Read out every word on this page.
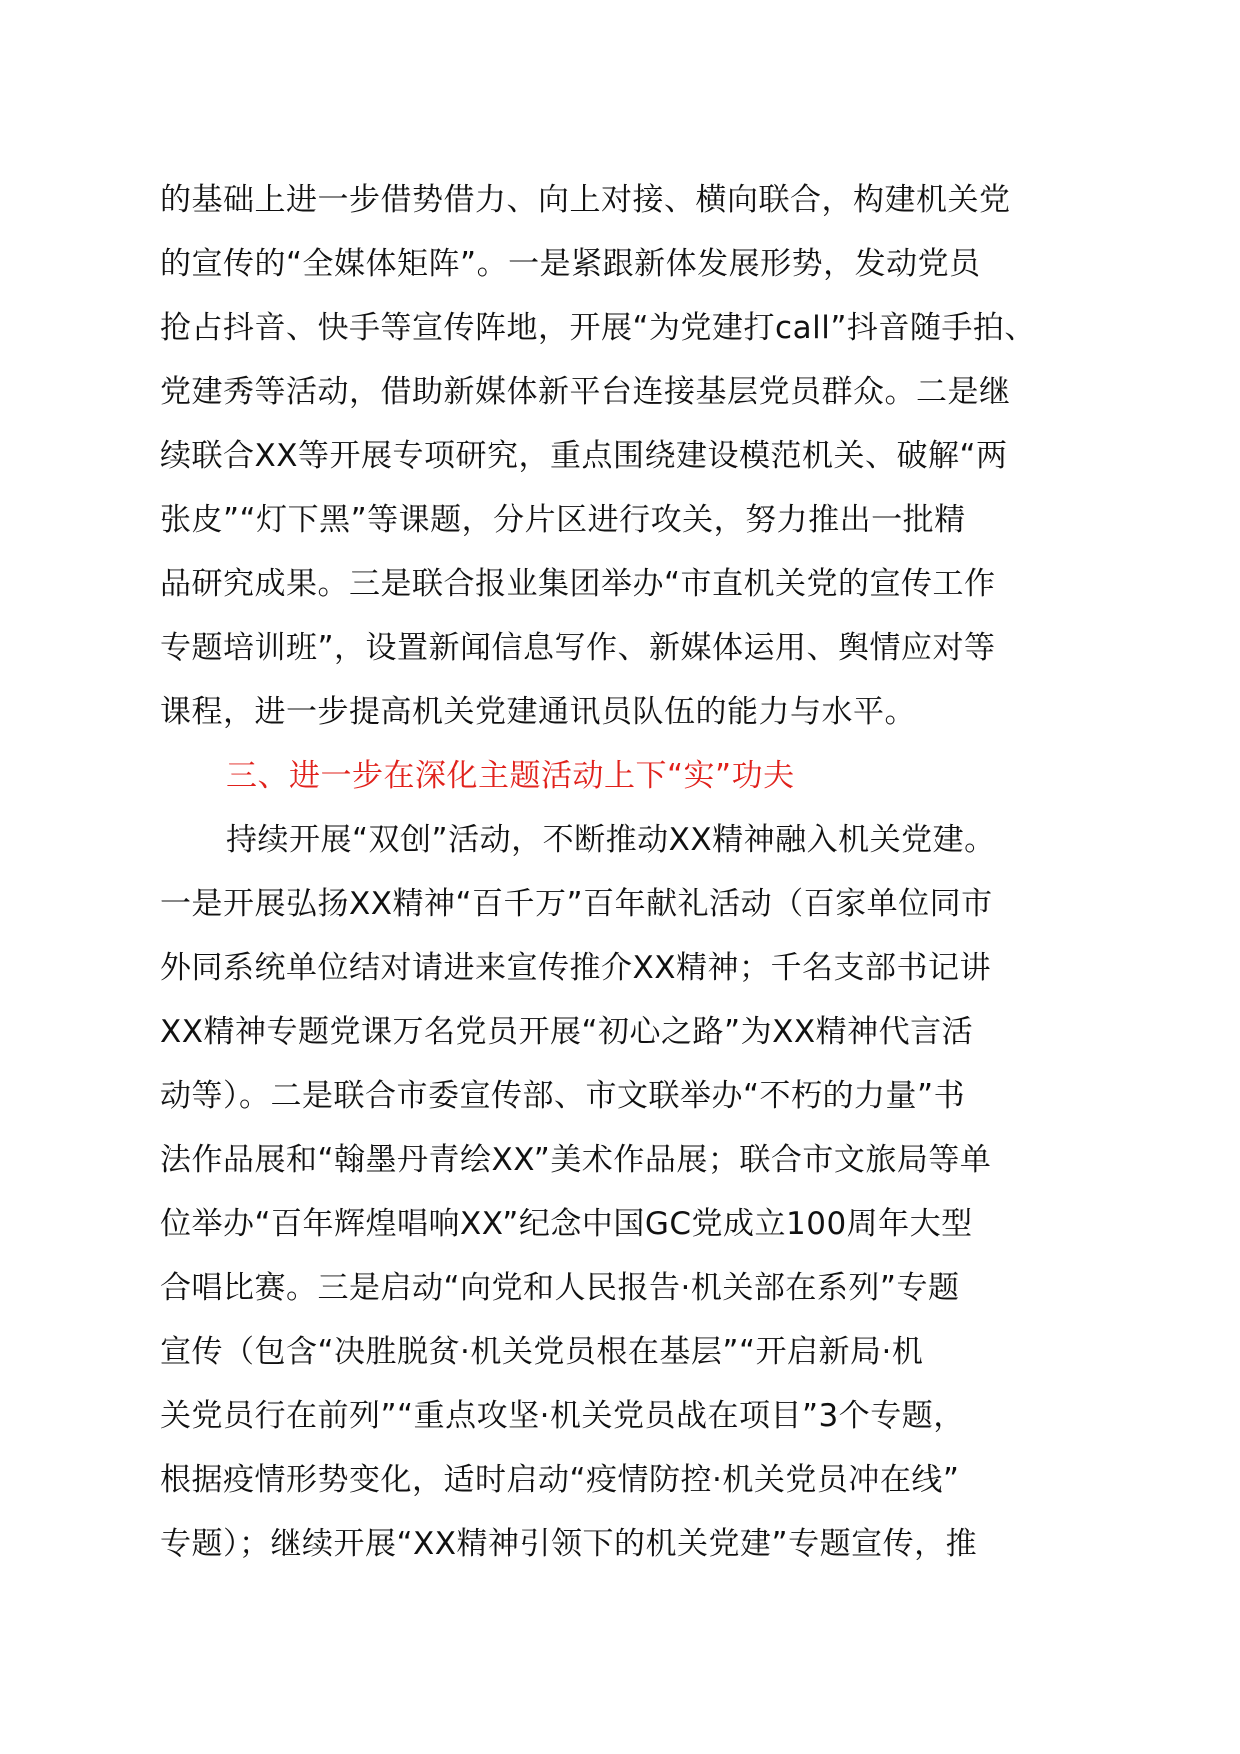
的基础上进一步借势借力、向上对接、横向联合，构建机关党
的宣传的“全媒体矩阵”。一是紧跟新体发展形势，发动党员
抢占抖音、快手等宣传阵地，开展“为党建打call”抖音随手拍、
党建秀等活动，借助新媒体新平台连接基层党员群众。二是继
续联合XX等开展专项研究，重点围绕建设模范机关、破解“两
张皮”“灯下黑”等课题，分片区进行攻关，努力推出一批精
品研究成果。三是联合报业集团举办“市直机关党的宣传工作
专题培训班”，设置新闻信息写作、新媒体运用、舆情应对等
课程，进一步提高机关党建通讯员队伍的能力与水平。
三、进一步在深化主题活动上下“实”功夫
持续开展“双创”活动，不断推动XX精神融入机关党建。
一是开展弘扬XX精神“百千万”百年献礼活动（百家单位同市
外同系统单位结对请进来宣传推介XX精神；千名支部书记讲
XX精神专题党课万名党员开展“初心之路”为XX精神代言活
动等）。二是联合市委宣传部、市文联举办“不朽的力量”书
法作品展和“翰墨丹青绘XX”美术作品展；联合市文旅局等单
位举办“百年辉煌唱响XX”纪念中国GC党成立100周年大型
合唱比赛。三是启动“向党和人民报告·机关部在系列”专题
宣传（包含“决胜脱贫·机关党员根在基层”“开启新局·机
关党员行在前列”“重点攻坚·机关党员战在项目”3个专题，
根据疫情形势变化，适时启动“疫情防控·机关党员冲在线”
专题）；继续开展“XX精神引领下的机关党建”专题宣传，推
